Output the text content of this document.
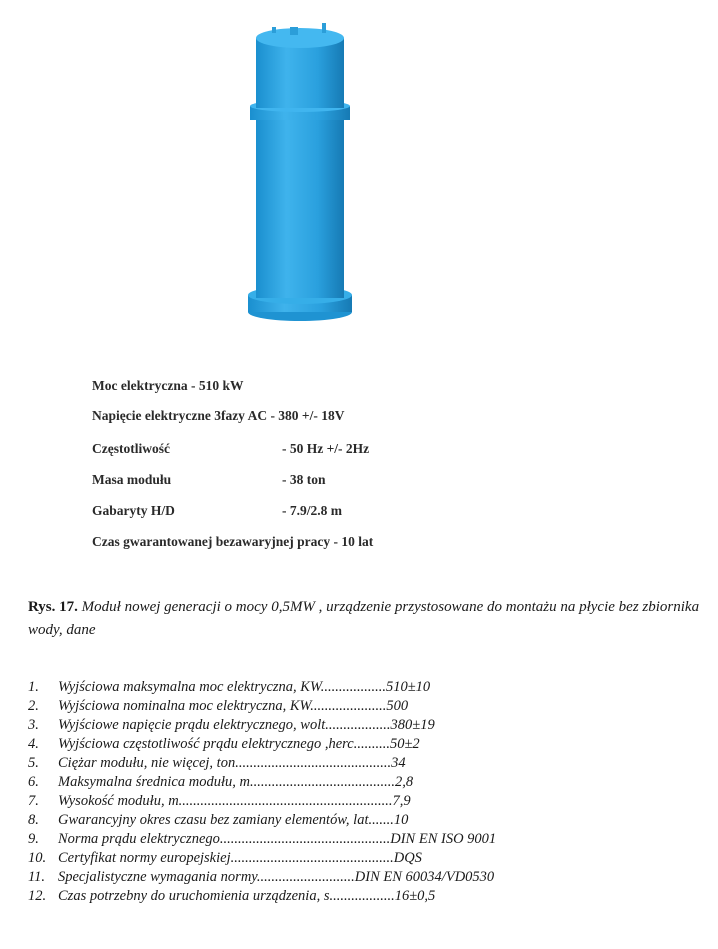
Moc elektryczna - 510 kW
Napięcie elektryczne 3fazy AC - 380 +/- 18V
Częstotliwość	- 50 Hz +/- 2Hz
Masa modułu	- 38 ton
Gabaryty H/D	- 7.9/2.8 m
Czas gwarantowanej bezawaryjnej pracy - 10 lat
Rys. 17. Moduł nowej generacji o mocy 0,5MW , urządzenie przystosowane do montażu na płycie bez zbiornika wody, dane
1.	Wyjściowa maksymalna moc elektryczna, KW..................510±10
2.	Wyjściowa nominalna moc elektryczna, KW.....................500
3.	Wyjściowe napięcie prądu elektrycznego, wolt..................380±19
4.	Wyjściowa częstotliwość prądu elektrycznego ,herc..........50±2
5.	Ciężar modułu, nie więcej, ton...........................................34
6.	Maksymalna średnica modułu, m........................................2,8
7.	Wysokość modułu, m...........................................................7,9
8.	Gwarancyjny okres czasu bez zamiany elementów, lat.......10
9.	Norma prądu elektrycznego...............................................DIN EN ISO 9001
10. Certyfikat normy europejskiej.............................................DQS
11. Specjalistyczne wymagania normy...........................DIN EN 60034/VD0530
12. Czas potrzebny do uruchomienia urządzenia, s..................16±0,5
